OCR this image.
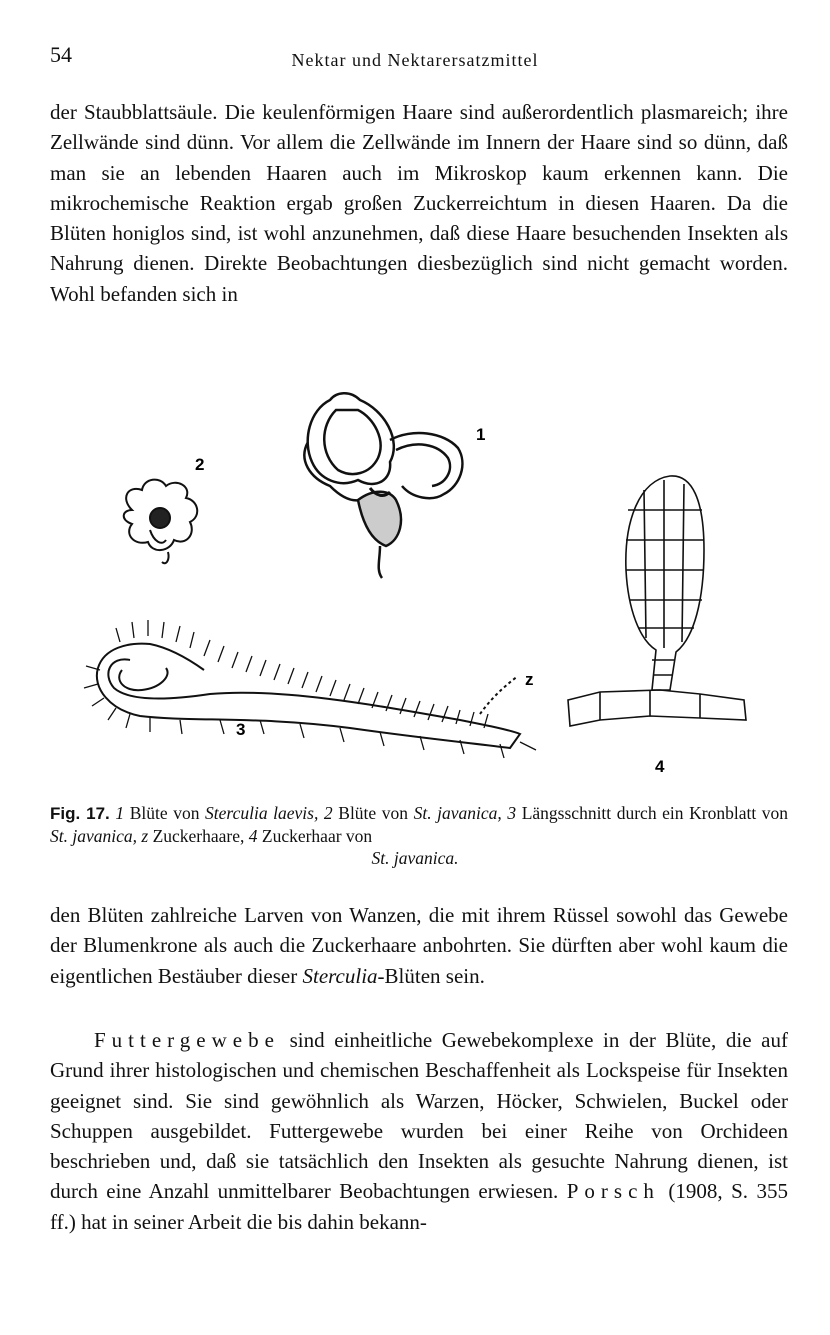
54	Nektar und Nektarersatzmittel

der Staubblattsäule. Die keulenförmigen Haare sind außerordentlich plasmareich; ihre Zellwände sind dünn. Vor allem die Zellwände im Innern der Haare sind so dünn, daß man sie an lebenden Haaren auch im Mikroskop kaum erkennen kann. Die mikrochemische Reaktion ergab großen Zuckerreichtum in diesen Haaren. Da die Blüten honiglos sind, ist wohl anzunehmen, daß diese Haare besuchenden Insekten als Nahrung dienen. Direkte Beobachtungen diesbezüglich sind nicht gemacht worden. Wohl befanden sich in

1
2
3
4
z

Fig. 17. 1 Blüte von Sterculia laevis, 2 Blüte von St. javanica, 3 Längsschnitt durch ein Kronblatt von St. javanica, z Zuckerhaare, 4 Zuckerhaar von

St. javanica.

den Blüten zahlreiche Larven von Wanzen, die mit ihrem Rüssel sowohl das Gewebe der Blumenkrone als auch die Zuckerhaare anbohrten. Sie dürften aber wohl kaum die eigentlichen Bestäuber dieser Sterculia-Blüten sein.

Futtergewebe sind einheitliche Gewebekomplexe in der Blüte, die auf Grund ihrer histologischen und chemischen Beschaffenheit als Lockspeise für Insekten geeignet sind. Sie sind gewöhnlich als Warzen, Höcker, Schwielen, Buckel oder Schuppen ausgebildet. Futtergewebe wurden bei einer Reihe von Orchideen beschrieben und, daß sie tatsächlich den Insekten als gesuchte Nahrung dienen, ist durch eine Anzahl unmittelbarer Beobachtungen erwiesen. Porsch (1908, S. 355 ff.) hat in seiner Arbeit die bis dahin bekann-
